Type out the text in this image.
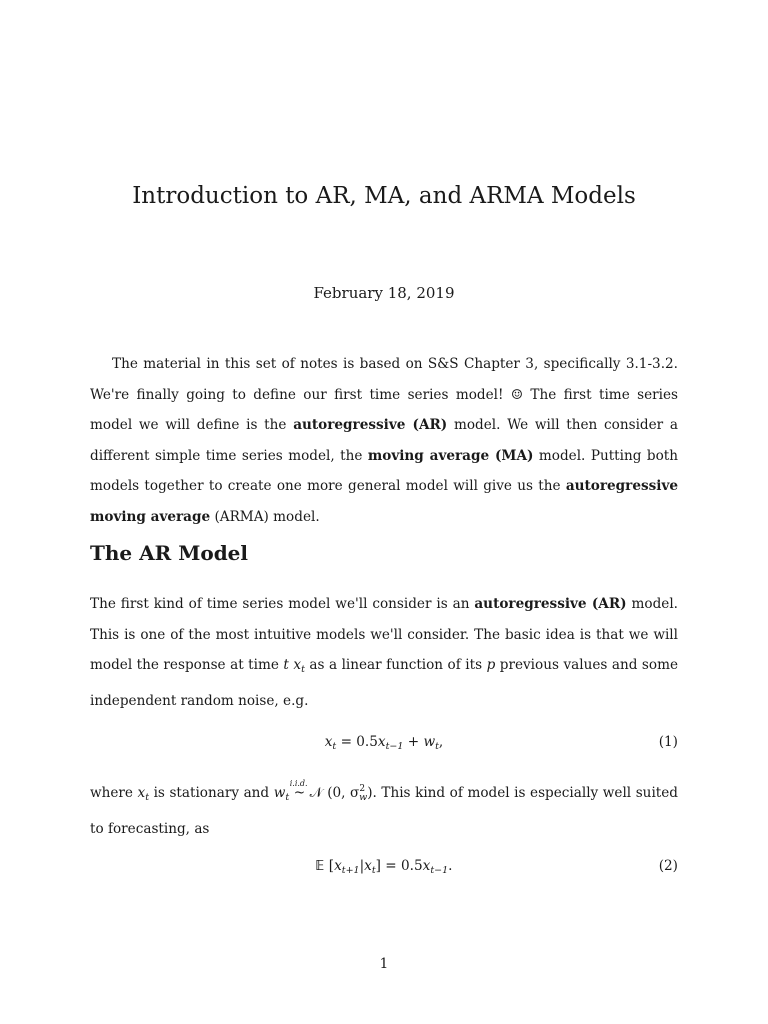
Introduction to AR, MA, and ARMA Models
February 18, 2019

The material in this set of notes is based on S&S Chapter 3, specifically 3.1-3.2. We're finally going to define our first time series model! ☺ The first time series model we will define is the autoregressive (AR) model. We will then consider a different simple time series model, the moving average (MA) model. Putting both models together to create one more general model will give us the autoregressive moving average (ARMA) model.

The AR Model

The first kind of time series model we'll consider is an autoregressive (AR) model. This is one of the most intuitive models we'll consider. The basic idea is that we will model the response at time t $x_t$ as a linear function of its p previous values and some independent random noise, e.g.

$x_t = 0.5x_{t-1} + w_t$,	(1)

where $x_t$ is stationary and $w_t$
i.i.d.
~ 𝒩 (0, $\sigma^2_w$). This kind of model is especially well suited to forecasting, as

𝔼 $[x_{t+1}|x_t] = 0.5x_{t-1}$.	(2)
1
